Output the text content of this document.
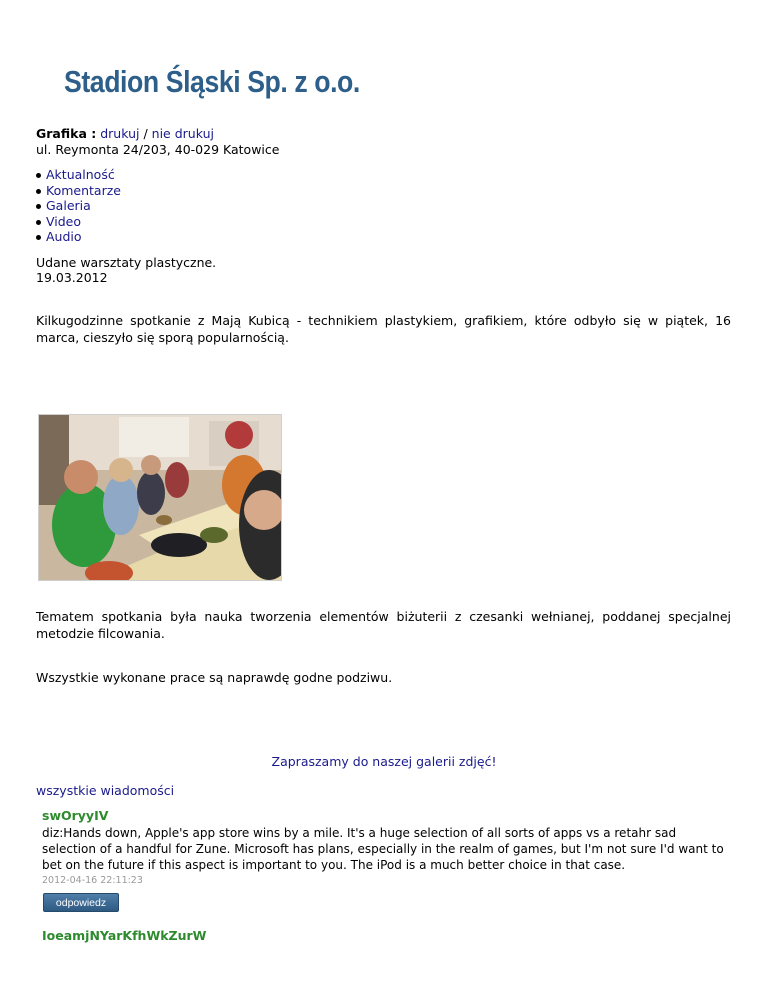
Stadion Śląski Sp. z o.o.
Grafika : drukuj / nie drukuj
ul. Reymonta 24/203, 40-029 Katowice
Aktualność
Komentarze
Galeria
Video
Audio
Udane warsztaty plastyczne.
19.03.2012

Kilkugodzinne spotkanie z Mają Kubicą - technikiem plastykiem, grafikiem, które odbyło się w piątek, 16 marca, cieszyło się sporą popularnością.

Tematem spotkania była nauka tworzenia elementów biżuterii z czesanki wełnianej, poddanej specjalnej metodzie filcowania.

Wszystkie wykonane prace są naprawdę godne podziwu.

Zapraszamy do naszej galerii zdjęć!
wszystkie wiadomości
swOryyIV

diz:Hands down, Apple's app store wins by a mile. It's a huge selection of all sorts of apps vs a retahr sad selection of a handful for Zune. Microsoft has plans, especially in the realm of games, but I'm not sure I'd want to bet on the future if this aspect is important to you. The iPod is a much better choice in that case.

2012-04-16 22:11:23
odpowiedz
IoeamjNYarKfhWkZurW
